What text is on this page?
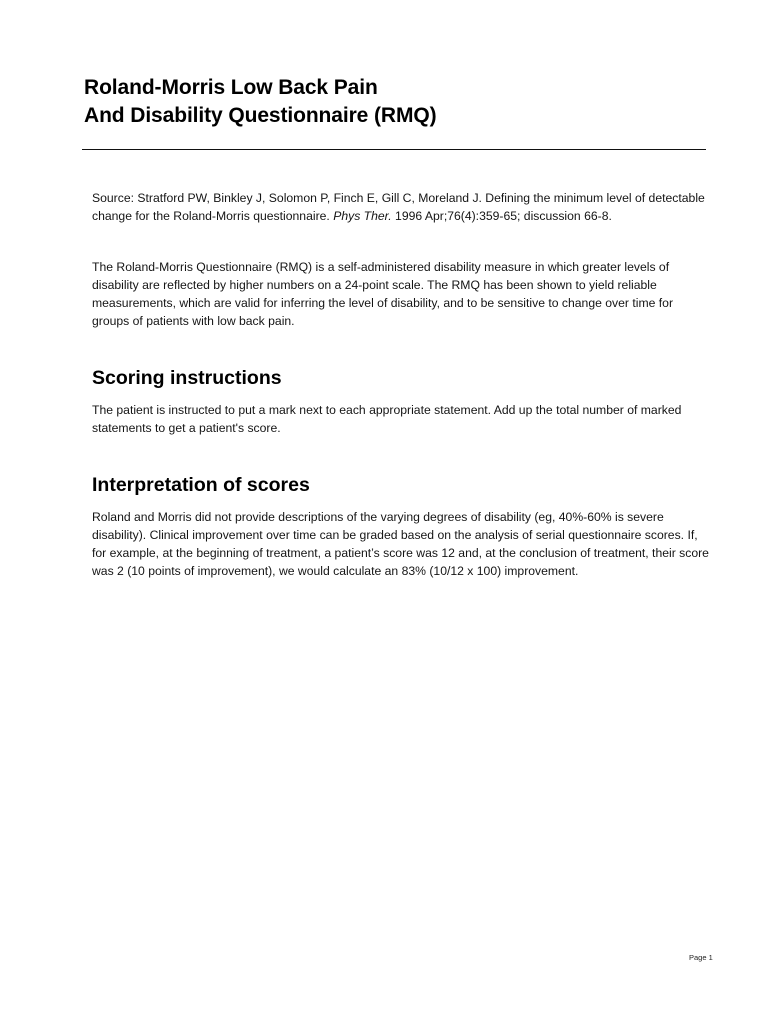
Roland-Morris Low Back Pain
And Disability Questionnaire (RMQ)

Source: Stratford PW, Binkley J, Solomon P, Finch E, Gill C, Moreland J. Defining the minimum level of detectable change for the Roland-Morris questionnaire. Phys Ther. 1996 Apr;76(4):359-65; discussion 66-8.

The Roland-Morris Questionnaire (RMQ) is a self-administered disability measure in which greater levels of disability are reflected by higher numbers on a 24-point scale. The RMQ has been shown to yield reliable measurements, which are valid for inferring the level of disability, and to be sensitive to change over time for groups of patients with low back pain.

Scoring instructions

The patient is instructed to put a mark next to each appropriate statement. Add up the total number of marked statements to get a patient's score.

Interpretation of scores

Roland and Morris did not provide descriptions of the varying degrees of disability (eg, 40%-60% is severe disability). Clinical improvement over time can be graded based on the analysis of serial questionnaire scores. If, for example, at the beginning of treatment, a patient’s score was 12 and, at the conclusion of treatment, their score was 2 (10 points of improvement), we would calculate an 83% (10/12 x 100) improvement.

Page 1
